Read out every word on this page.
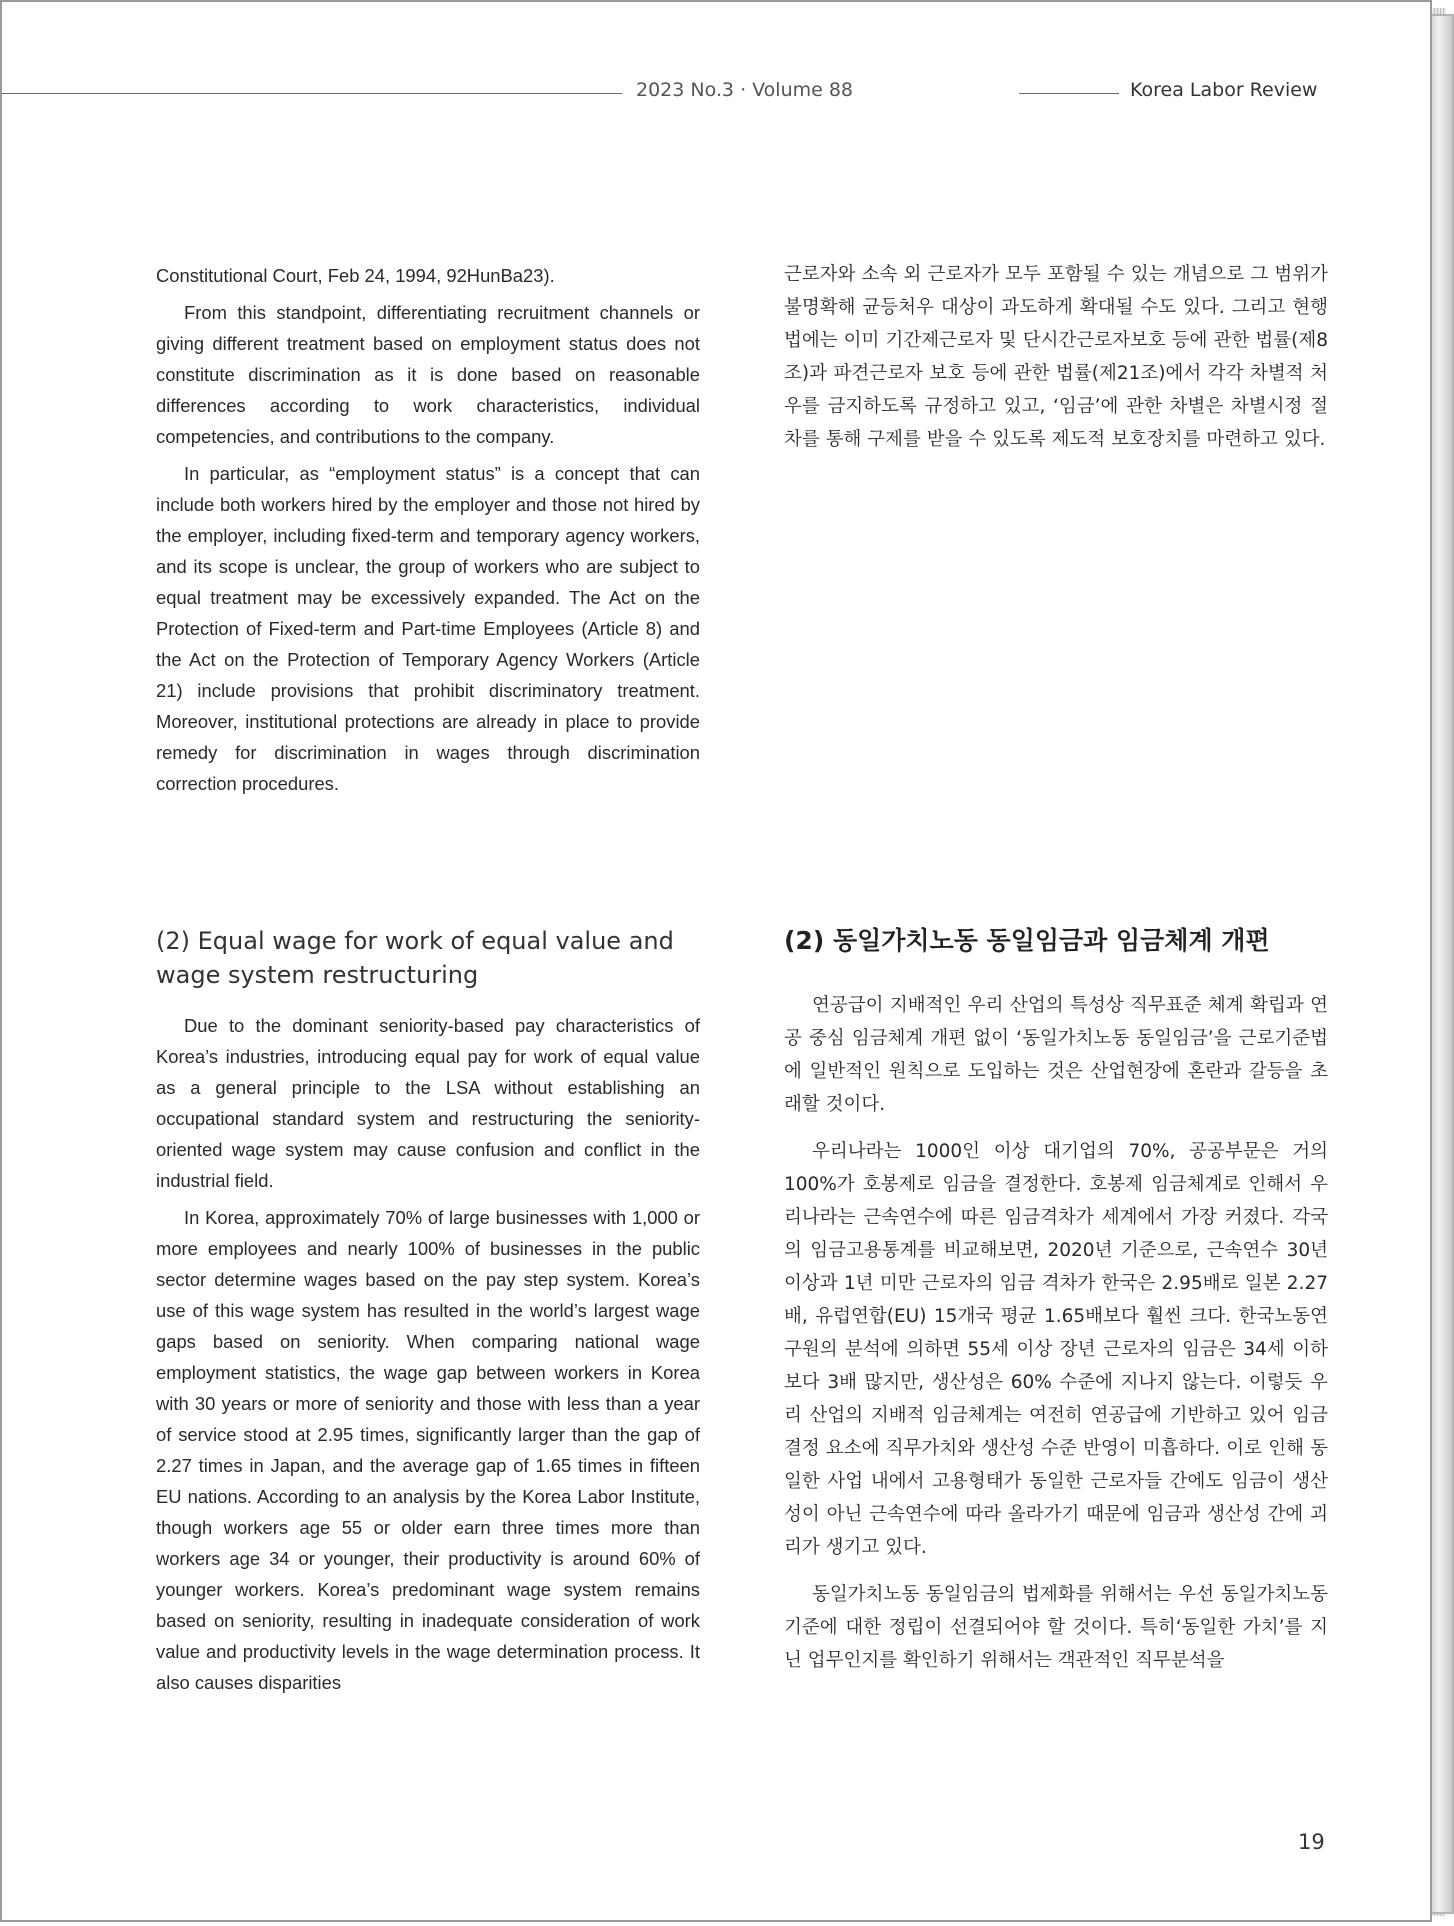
2023 No.3 · Volume 88	Korea Labor Review

Constitutional Court, Feb 24, 1994, 92HunBa23).

From this standpoint, differentiating recruitment channels or giving different treatment based on employment status does not constitute discrimination as it is done based on reasonable differences according to work characteristics, individual competencies, and contributions to the company.

In particular, as “employment status” is a concept that can include both workers hired by the employer and those not hired by the employer, including fixed-term and temporary agency workers, and its scope is unclear, the group of workers who are subject to equal treatment may be excessively expanded. The Act on the Protection of Fixed-term and Part-time Employees (Article 8) and the Act on the Protection of Temporary Agency Workers (Article 21) include provisions that prohibit discriminatory treatment. Moreover, institutional protections are already in place to provide remedy for discrimination in wages through discrimination correction procedures.

근로자와 소속 외 근로자가 모두 포함될 수 있는 개념으로 그 범위가 불명확해 균등처우 대상이 과도하게 확대될 수도 있다. 그리고 현행법에는 이미 기간제근로자 및 단시간근로자보호 등에 관한 법률(제8조)과 파견근로자 보호 등에 관한 법률(제21조)에서 각각 차별적 처우를 금지하도록 규정하고 있고, ‘임금’에 관한 차별은 차별시정 절차를 통해 구제를 받을 수 있도록 제도적 보호장치를 마련하고 있다.

(2) Equal wage for work of equal value and wage system restructuring
(2) 동일가치노동 동일임금과 임금체계 개편

Due to the dominant seniority-based pay characteristics of Korea’s industries, introducing equal pay for work of equal value as a general principle to the LSA without establishing an occupational standard system and restructuring the seniority-oriented wage system may cause confusion and conflict in the industrial field.

In Korea, approximately 70% of large businesses with 1,000 or more employees and nearly 100% of businesses in the public sector determine wages based on the pay step system. Korea’s use of this wage system has resulted in the world’s largest wage gaps based on seniority. When comparing national wage employment statistics, the wage gap between workers in Korea with 30 years or more of seniority and those with less than a year of service stood at 2.95 times, significantly larger than the gap of 2.27 times in Japan, and the average gap of 1.65 times in fifteen EU nations. According to an analysis by the Korea Labor Institute, though workers age 55 or older earn three times more than workers age 34 or younger, their productivity is around 60% of younger workers. Korea’s predominant wage system remains based on seniority, resulting in inadequate consideration of work value and productivity levels in the wage determination process. It also causes disparities

연공급이 지배적인 우리 산업의 특성상 직무표준 체계 확립과 연공 중심 임금체계 개편 없이 ‘동일가치노동 동일임금’을 근로기준법에 일반적인 원칙으로 도입하는 것은 산업현장에 혼란과 갈등을 초래할 것이다.

우리나라는 1000인 이상 대기업의 70%, 공공부문은 거의 100%가 호봉제로 임금을 결정한다. 호봉제 임금체계로 인해서 우리나라는 근속연수에 따른 임금격차가 세계에서 가장 커졌다. 각국의 임금고용통계를 비교해보면, 2020년 기준으로, 근속연수 30년 이상과 1년 미만 근로자의 임금 격차가 한국은 2.95배로 일본 2.27배, 유럽연합(EU) 15개국 평균 1.65배보다 훨씬 크다. 한국노동연구원의 분석에 의하면 55세 이상 장년 근로자의 임금은 34세 이하보다 3배 많지만, 생산성은 60% 수준에 지나지 않는다. 이렇듯 우리 산업의 지배적 임금체계는 여전히 연공급에 기반하고 있어 임금 결정 요소에 직무가치와 생산성 수준 반영이 미흡하다. 이로 인해 동일한 사업 내에서 고용형태가 동일한 근로자들 간에도 임금이 생산성이 아닌 근속연수에 따라 올라가기 때문에 임금과 생산성 간에 괴리가 생기고 있다.

동일가치노동 동일임금의 법제화를 위해서는 우선 동일가치노동 기준에 대한 정립이 선결되어야 할 것이다. 특히‘동일한 가치’를 지닌 업무인지를 확인하기 위해서는 객관적인 직무분석을

19
